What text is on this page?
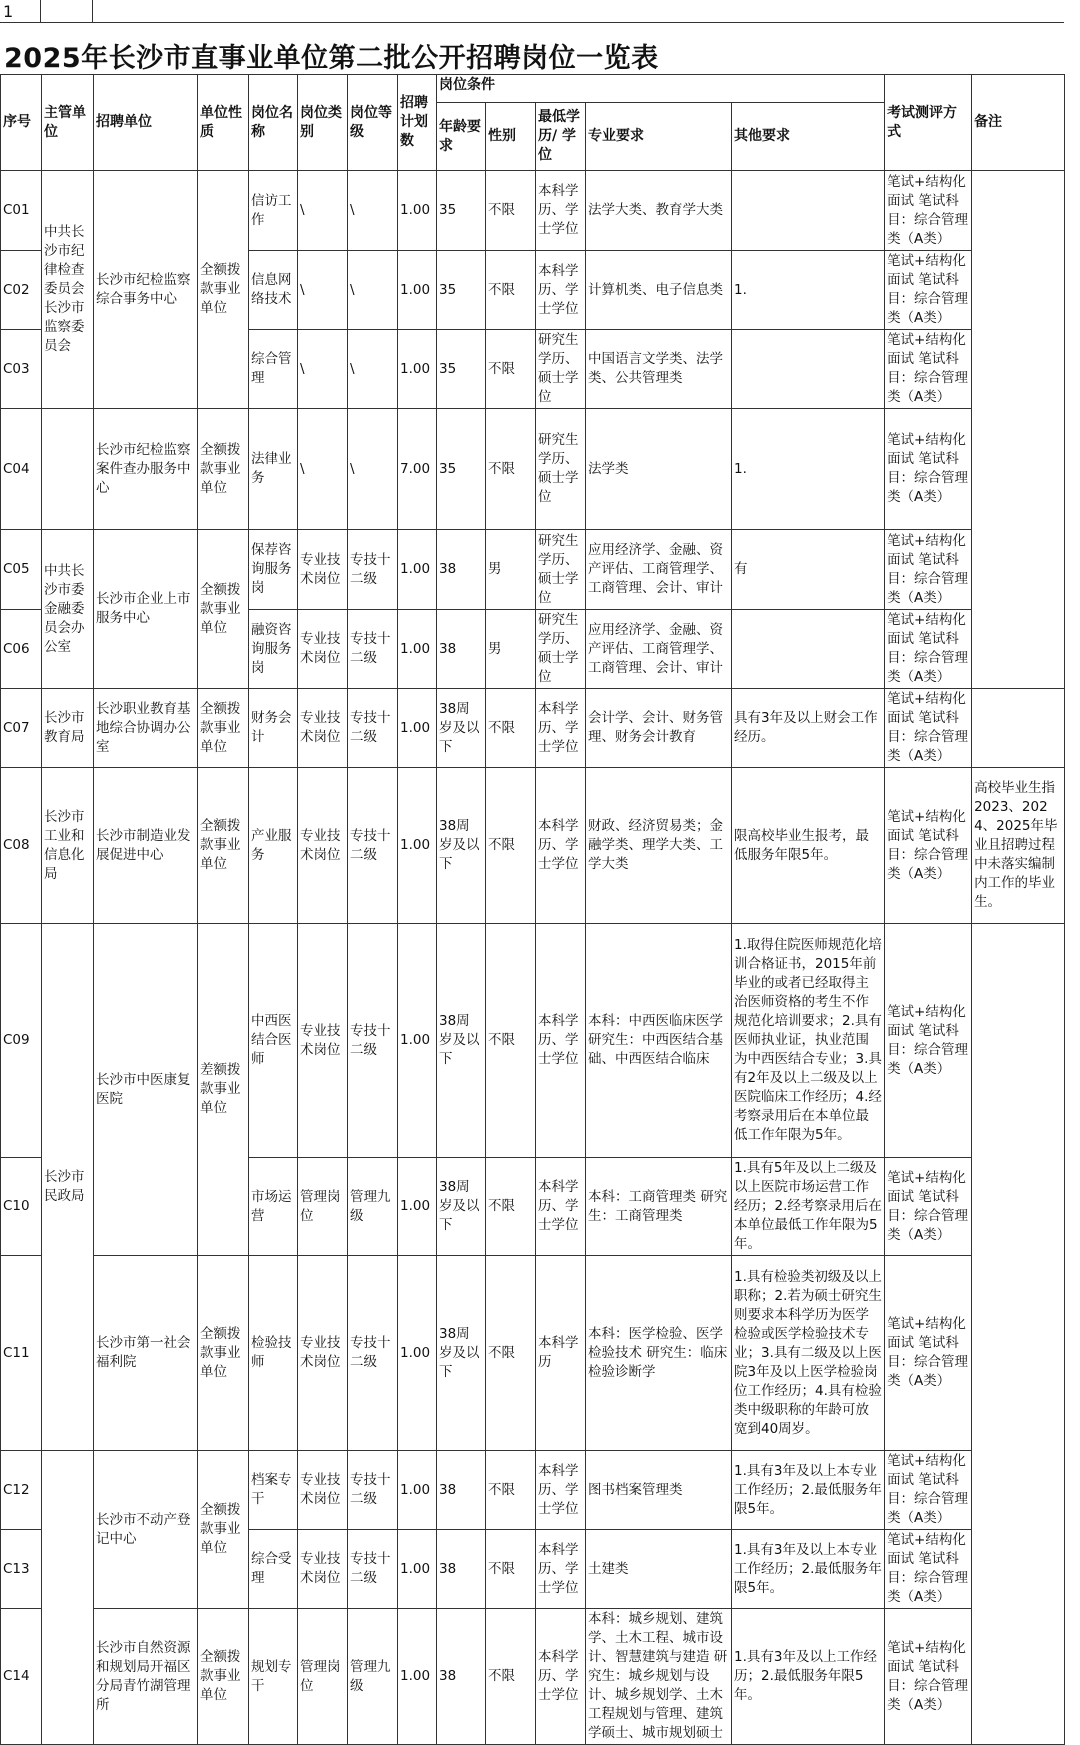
1
2025年长沙市直事业单位第二批公开招聘岗位一览表
序号	主管单位	招聘单位	单位性质	岗位名称	岗位类别	岗位等级	招聘计划数	岗位条件					考试测评方式	备注
								年龄要求	性别	最低学历/ 学位	专业要求	其他要求		
C01	中共长沙市纪律检查委员会长沙市监察委员会	长沙市纪检监察综合事务中心	全额拨款事业单位	信访工作	\	\	1.00	35	不限	本科学历、学士学位	法学大类、教育学大类		笔试+结构化面试 笔试科目：综合管理类（A类）	
C02				信息网络技术	\	\	1.00	35	不限	本科学历、学士学位	计算机类、电子信息类	1.	笔试+结构化面试 笔试科目：综合管理类（A类）	
C03				综合管理	\	\	1.00	35	不限	研究生学历、硕士学位	中国语言文学类、法学类、公共管理类		笔试+结构化面试 笔试科目：综合管理类（A类）	
C04		长沙市纪检监察案件查办服务中心	全额拨款事业单位	法律业务	\	\	7.00	35	不限	研究生学历、硕士学位	法学类	1.	笔试+结构化面试 笔试科目：综合管理类（A类）	
C05	中共长沙市委金融委员会办公室	长沙市企业上市服务中心	全额拨款事业单位	保荐咨询服务岗	专业技术岗位	专技十二级	1.00	38	男	研究生学历、硕士学位	应用经济学、金融、资产评估、工商管理学、工商管理、会计、审计	有	笔试+结构化面试 笔试科目：综合管理类（A类）	
C06				融资咨询服务岗	专业技术岗位	专技十二级	1.00	38	男	研究生学历、硕士学位	应用经济学、金融、资产评估、工商管理学、工商管理、会计、审计		笔试+结构化面试 笔试科目：综合管理类（A类）	
C07	长沙市教育局	长沙职业教育基地综合协调办公室	全额拨款事业单位	财务会计	专业技术岗位	专技十二级	1.00	38周岁及以下	不限	本科学历、学士学位	会计学、会计、财务管理、财务会计教育	具有3年及以上财会工作经历。	笔试+结构化面试 笔试科目：综合管理类（A类）	
C08	长沙市工业和信息化局	长沙市制造业发展促进中心	全额拨款事业单位	产业服务	专业技术岗位	专技十二级	1.00	38周岁及以下	不限	本科学历、学士学位	财政、经济贸易类；金融学类、理学大类、工学大类	限高校毕业生报考，最低服务年限5年。	笔试+结构化面试 笔试科目：综合管理类（A类）	高校毕业生指2023、2024、2025年毕业且招聘过程中未落实编制内工作的毕业生。
C09	长沙市民政局	长沙市中医康复医院	差额拨款事业单位	中西医结合医师	专业技术岗位	专技十二级	1.00	38周岁及以下	不限	本科学历、学士学位	本科：中西医临床医学 研究生：中西医结合基础、中西医结合临床	1.取得住院医师规范化培训合格证书，2015年前毕业的或者已经取得主治医师资格的考生不作规范化培训要求；2.具有医师执业证，执业范围为中西医结合专业；3.具有2年及以上二级及以上医院临床工作经历；4.经考察录用后在本单位最低工作年限为5年。	笔试+结构化面试 笔试科目：综合管理类（A类）	
C10				市场运营	管理岗位	管理九级	1.00	38周岁及以下	不限	本科学历、学士学位	本科：工商管理类 研究生：工商管理类	1.具有5年及以上二级及以上医院市场运营工作经历；2.经考察录用后在本单位最低工作年限为5年。	笔试+结构化面试 笔试科目：综合管理类（A类）	
C11		长沙市第一社会福利院	全额拨款事业单位	检验技师	专业技术岗位	专技十二级	1.00	38周岁及以下	不限	本科学历	本科：医学检验、医学检验技术 研究生：临床检验诊断学	1.具有检验类初级及以上职称；2.若为硕士研究生则要求本科学历为医学检验或医学检验技术专业；3.具有二级及以上医院3年及以上医学检验岗位工作经历；4.具有检验类中级职称的年龄可放宽到40周岁。	笔试+结构化面试 笔试科目：综合管理类（A类）	
C12		长沙市不动产登记中心	全额拨款事业单位	档案专干	专业技术岗位	专技十二级	1.00	38	不限	本科学历、学士学位	图书档案管理类	1.具有3年及以上本专业工作经历；2.最低服务年限5年。	笔试+结构化面试 笔试科目：综合管理类（A类）	
C13				综合受理	专业技术岗位	专技十二级	1.00	38	不限	本科学历、学士学位	土建类	1.具有3年及以上本专业工作经历；2.最低服务年限5年。	笔试+结构化面试 笔试科目：综合管理类（A类）	
C14		长沙市自然资源和规划局开福区分局青竹湖管理所	全额拨款事业单位	规划专干	管理岗位	管理九级	1.00	38	不限	本科学历、学士学位	本科：城乡规划、建筑学、土木工程、城市设计、智慧建筑与建造 研究生：城乡规划与设计、城乡规划学、土木工程规划与管理、建筑学硕士、城市规划硕士	1.具有3年及以上工作经历；2.最低服务年限5年。	笔试+结构化面试 笔试科目：综合管理类（A类）	
